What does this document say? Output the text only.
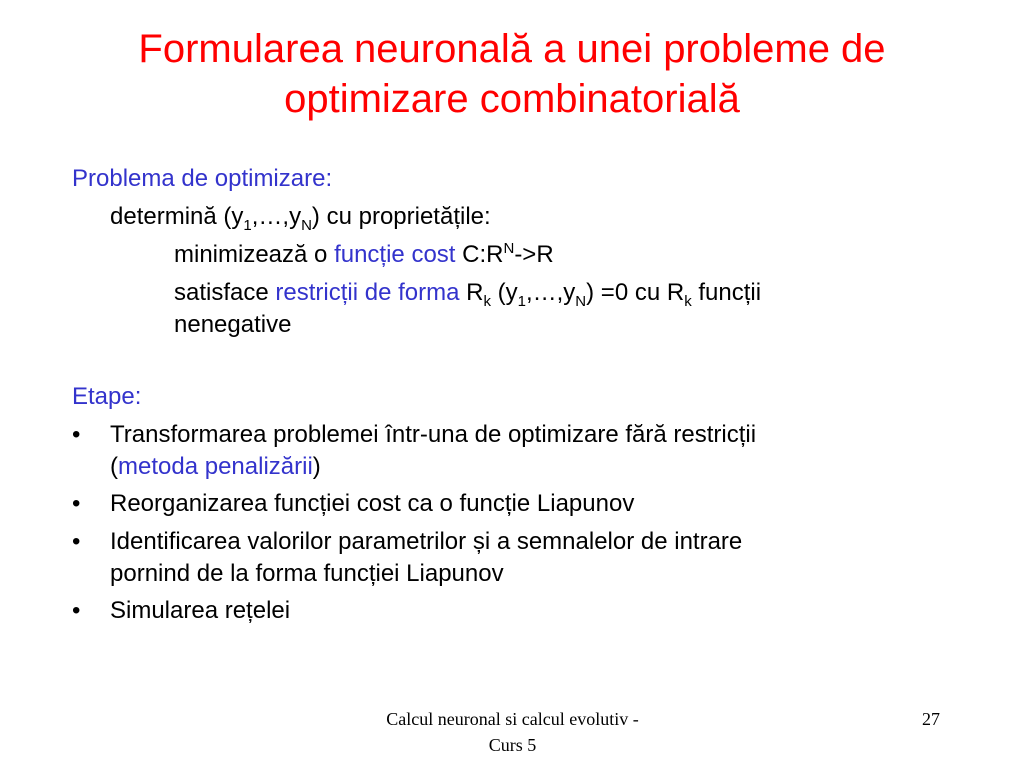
Formularea neuronală a unei probleme de
optimizare combinatorială
Problema de optimizare:
determină $(y_1,\dots,y_N)$ cu proprietățile:
minimizează o funcție cost $C:R^N->R$
satisface restricții de forma $R_k$ $(y_1,\dots,y_N) =0$ cu $R_k$ funcții
nenegative
Etape:
• Transformarea problemei într-una de optimizare fără restricții
(metoda penalizării)
• Reorganizarea funcției cost ca o funcție Liapunov
• Identificarea valorilor parametrilor și a semnalelor de intrare
pornind de la forma funcției Liapunov
• Simularea rețelei
Calcul neuronal si calcul evolutiv -
Curs 5
27
